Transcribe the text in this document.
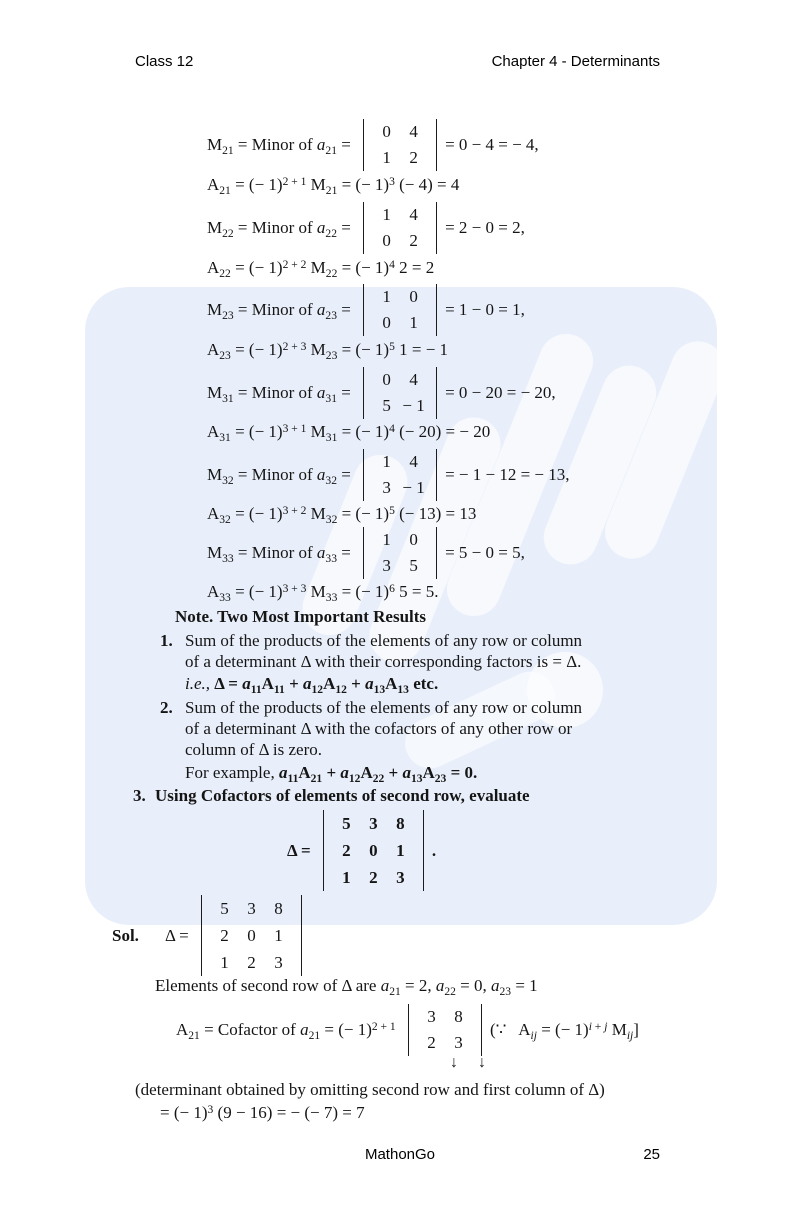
Class 12	Chapter 4 - Determinants
$M_{21}$ = Minor of $a_{21}$ =
0	4
1	2
= 0 − 4 = − 4,
$A_{21}$ = (− 1)$^{2 + 1}$ $M_{21}$ = (− 1)$^3$ (− 4) = 4
$M_{22}$ = Minor of $a_{22}$ =
1	4
0	2
= 2 − 0 = 2,
$A_{22}$ = (− 1)$^{2 + 2}$ $M_{22}$ = (− 1)$^4$ 2 = 2
$M_{23}$ = Minor of $a_{23}$ =
1	0
0	1
= 1 − 0 = 1,
$A_{23}$ = (− 1)$^{2 + 3}$ $M_{23}$ = (− 1)$^5$ 1 = − 1
$M_{31}$ = Minor of $a_{31}$ =
0	4
5 − 1
= 0 − 20 = − 20,
$A_{31}$ = (− 1)$^{3 + 1}$ $M_{31}$ = (− 1)$^4$ (− 20) = − 20
$M_{32}$ = Minor of $a_{32}$ =
1	4
3 − 1
= − 1 − 12 = − 13,
$A_{32}$ = (− 1)$^{3 + 2}$ $M_{32}$ = (− 1)$^5$ (− 13) = 13
$M_{33}$ = Minor of $a_{33}$ =
1	0
3	5
= 5 − 0 = 5,
$A_{33}$ = (− 1)$^{3 + 3}$ $M_{33}$ = (− 1)$^6$ 5 = 5.
Note. Two Most Important Results
1. Sum of the products of the elements of any row or column
of a determinant Δ with their corresponding factors is = Δ.
i.e., $\Delta = a_{11}A_{11} + a_{12}A_{12} + a_{13}A_{13}$ etc.
2. Sum of the products of the elements of any row or column
of a determinant Δ with the cofactors of any other row or
column of Δ is zero.
For example, $a_{11}A_{21} + a_{12}A_{22} + a_{13}A_{23} = 0$.
3. Using Cofactors of elements of second row, evaluate
Δ =
5	3	8
2	0	1
1	2	3
.
Sol. Δ =
5	3	8
2	0	1
1	2	3
Elements of second row of Δ are $a_{21} = 2$, $a_{22} = 0$, $a_{23} = 1$
$A_{21}$ = Cofactor of $a_{21}$ = (− 1)$^{2 + 1}$
3	8
2	3
(∵   $A_{ij}$ = (− 1)$^{i + j}$ $M_{ij}$]
↓  ↓
(determinant obtained by omitting second row and first column of Δ)
= (− 1)$^3$ (9 − 16) = − (− 7) = 7
MathonGo	25
